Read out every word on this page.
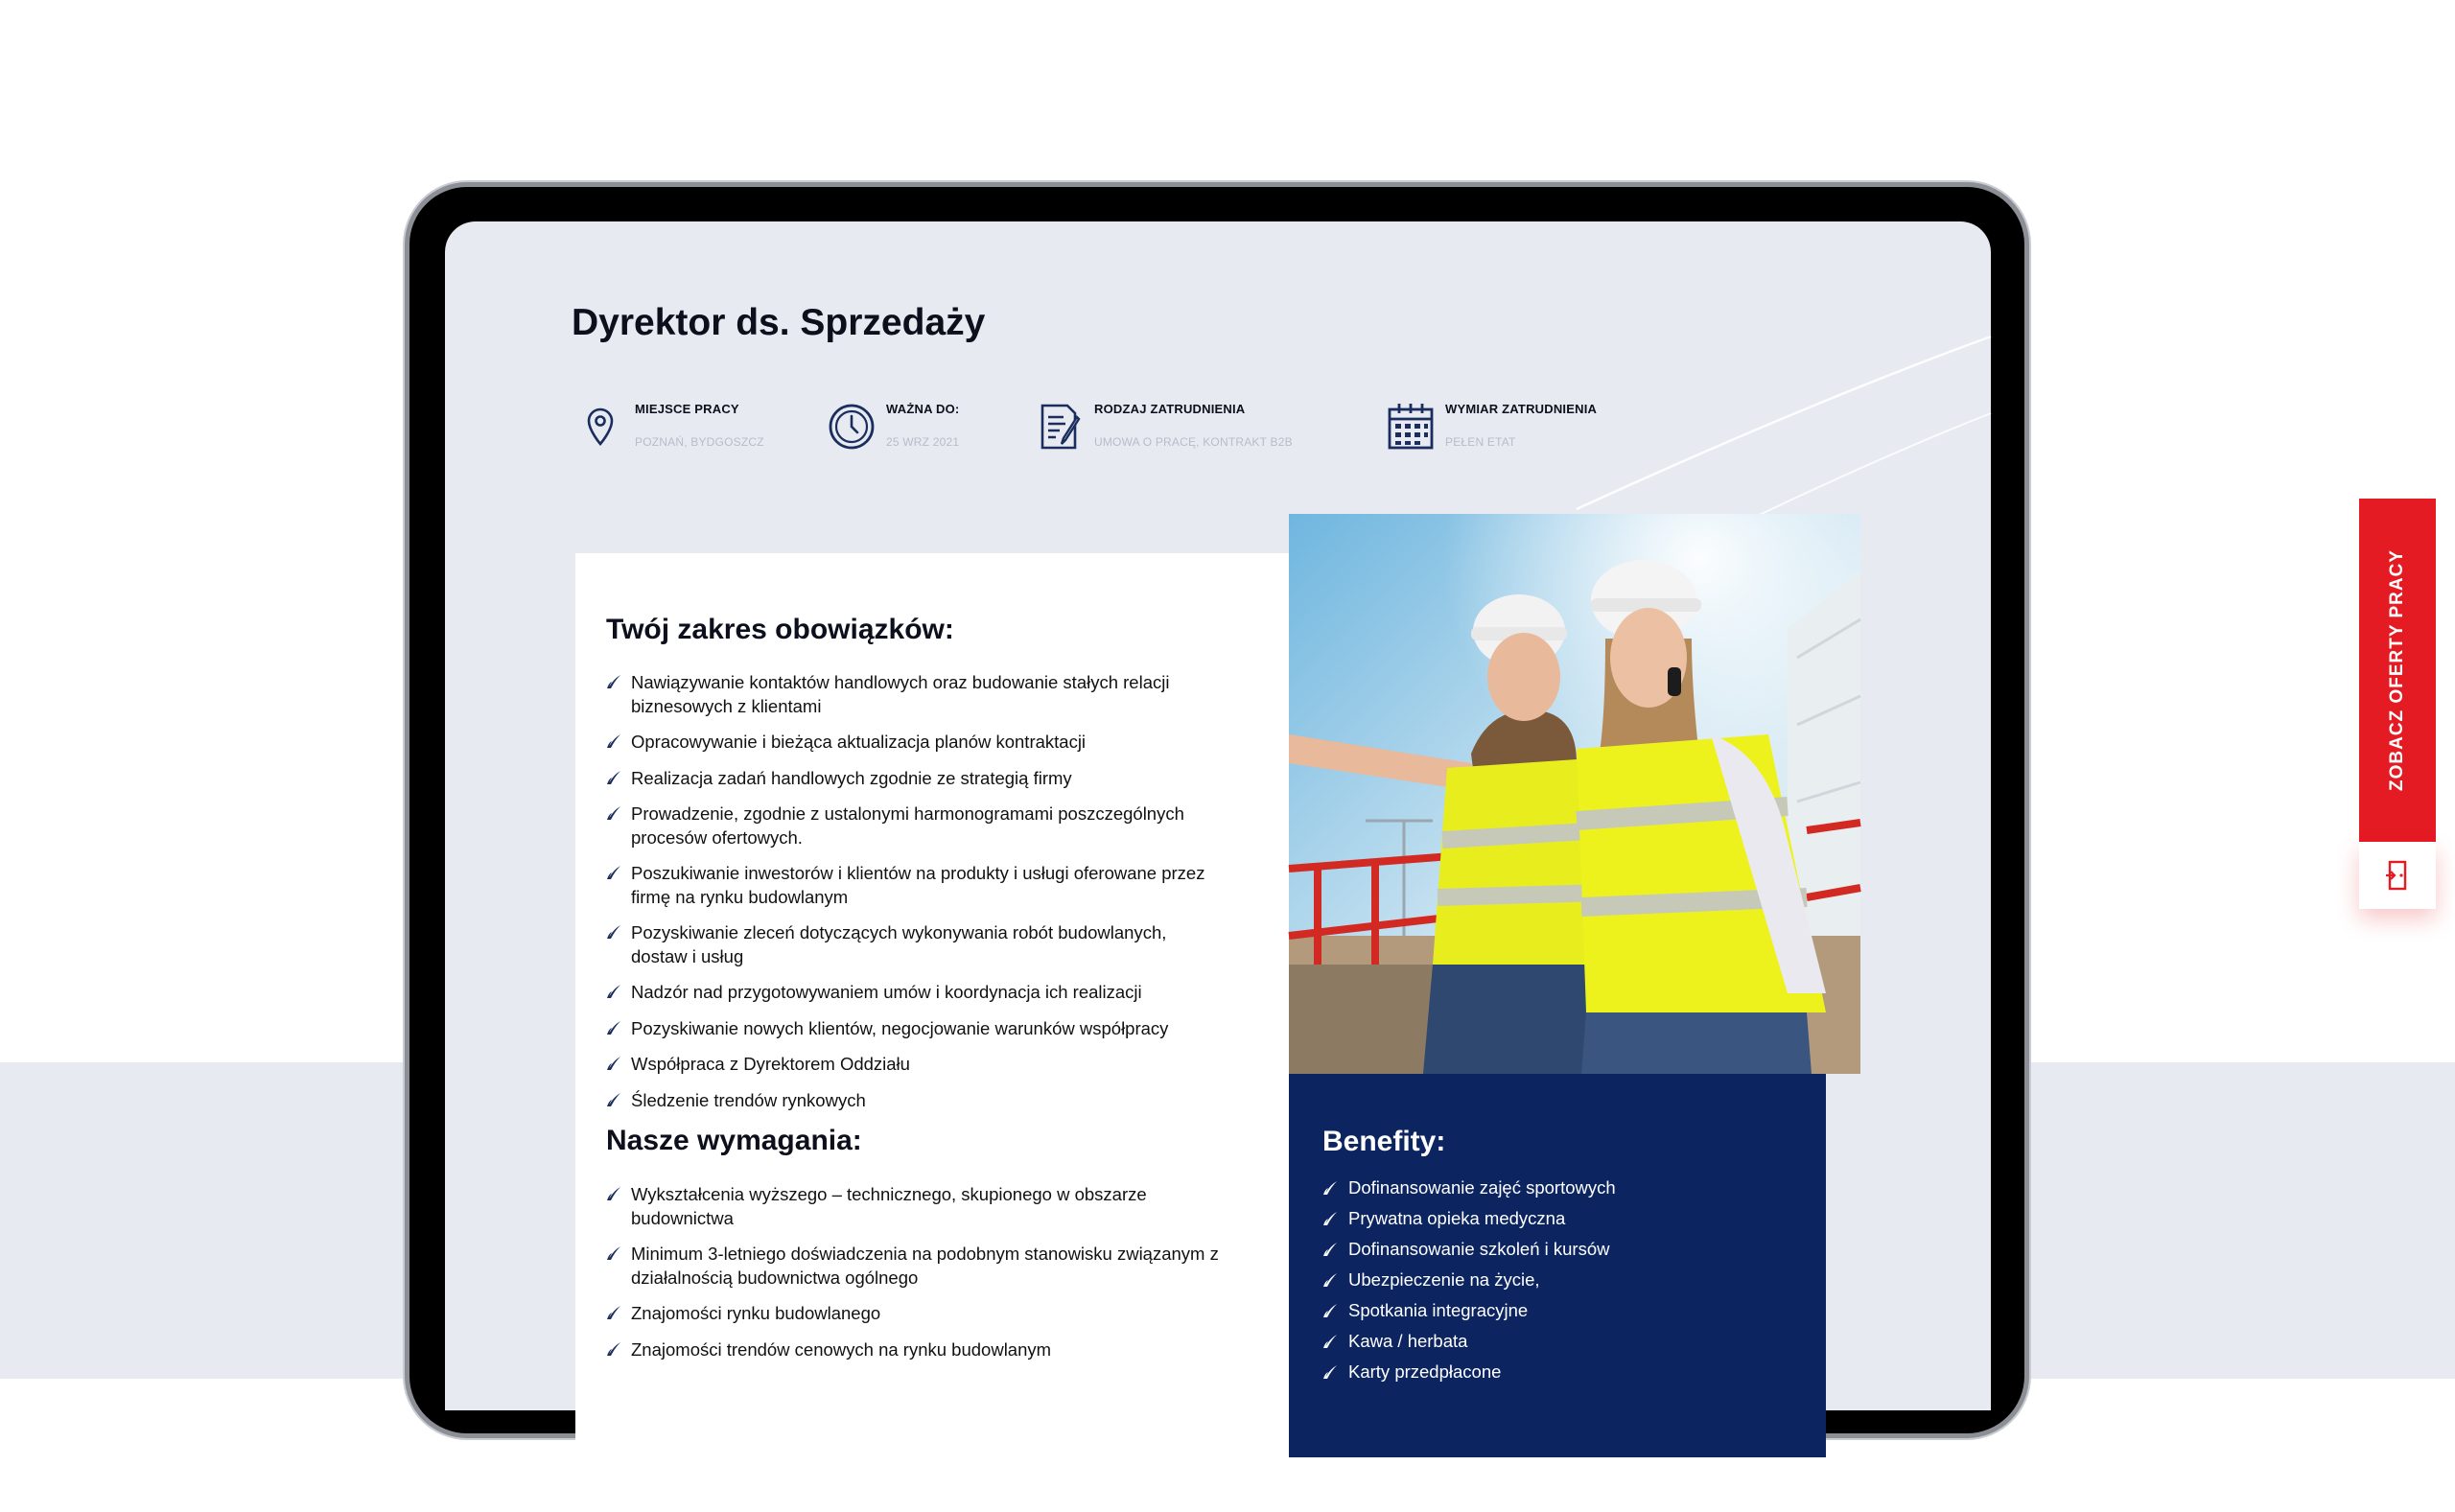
Dyrektor ds. Sprzedaży
MIEJSCE PRACY
POZNAŃ, BYDGOSZCZ
WAŻNA DO:
25 WRZ 2021
RODZAJ ZATRUDNIENIA
UMOWA O PRACĘ, KONTRAKT B2B
WYMIAR ZATRUDNIENIA
PEŁEN ETAT
Twój zakres obowiązków:
Nawiązywanie kontaktów handlowych oraz budowanie stałych relacji biznesowych z klientami
Opracowywanie i bieżąca aktualizacja planów kontraktacji
Realizacja zadań handlowych zgodnie ze strategią firmy
Prowadzenie, zgodnie z ustalonymi harmonogramami poszczególnych procesów ofertowych.
Poszukiwanie inwestorów i klientów na produkty i usługi oferowane przez firmę na rynku budowlanym
Pozyskiwanie zleceń dotyczących wykonywania robót budowlanych, dostaw i usług
Nadzór nad przygotowywaniem umów i koordynacja ich realizacji
Pozyskiwanie nowych klientów, negocjowanie warunków współpracy
Współpraca z Dyrektorem Oddziału
Śledzenie trendów rynkowych
Nasze wymagania:
Wykształcenia wyższego – technicznego, skupionego w obszarze budownictwa
Minimum 3-letniego doświadczenia na podobnym stanowisku związanym z działalnością budownictwa ogólnego
Znajomości rynku budowlanego
Znajomości trendów cenowych na rynku budowlanym
Benefity:
Dofinansowanie zajęć sportowych
Prywatna opieka medyczna
Dofinansowanie szkoleń i kursów
Ubezpieczenie na życie,
Spotkania integracyjne
Kawa / herbata
Karty przedpłacone
ZOBACZ OFERTY PRACY
